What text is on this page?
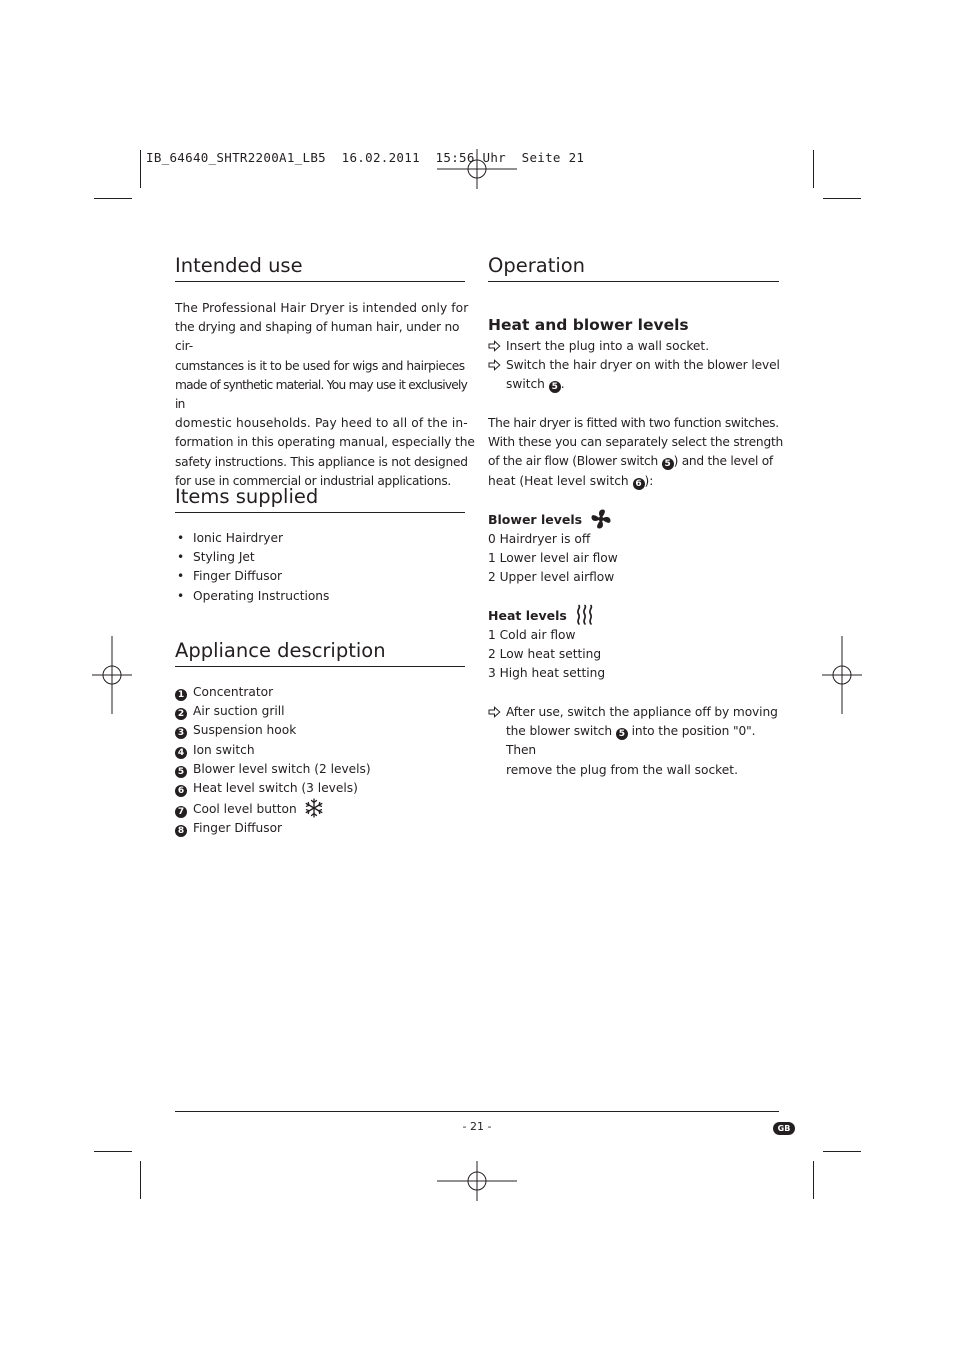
IB_64640_SHTR2200A1_LB5  16.02.2011  15:56 Uhr  Seite 21
Intended use
The Professional Hair Dryer is intended only for
the drying and shaping of human hair, under no cir-
cumstances is it to be used for wigs and hairpieces
made of synthetic material. You may use it exclusively in
domestic households. Pay heed to all of the in-
formation in this operating manual, especially the
safety instructions. This appliance is not designed
for use in commercial or industrial applications.
Items supplied
• Ionic Hairdryer
• Styling Jet
• Finger Diffusor
• Operating Instructions
Appliance description
1 Concentrator
2 Air suction grill
3 Suspension hook
4 Ion switch
5 Blower level switch (2 levels)
6 Heat level switch (3 levels)
7 Cool level button
8 Finger Diffusor
Operation
Heat and blower levels
Insert the plug into a wall socket.
Switch the hair dryer on with the blower level
switch 5 .
The hair dryer is fitted with two function switches.
With these you can separately select the strength
of the air flow (Blower switch 5 ) and the level of
heat (Heat level switch 6 ):
Blower levels
0 Hairdryer is off
1 Lower level air flow
2 Upper level airflow
Heat levels
1 Cold air flow
2 Low heat setting
3 High heat setting
After use, switch the appliance off by moving
the blower switch 5 into the position "0". Then
remove the plug from the wall socket.
- 21 -	GB
